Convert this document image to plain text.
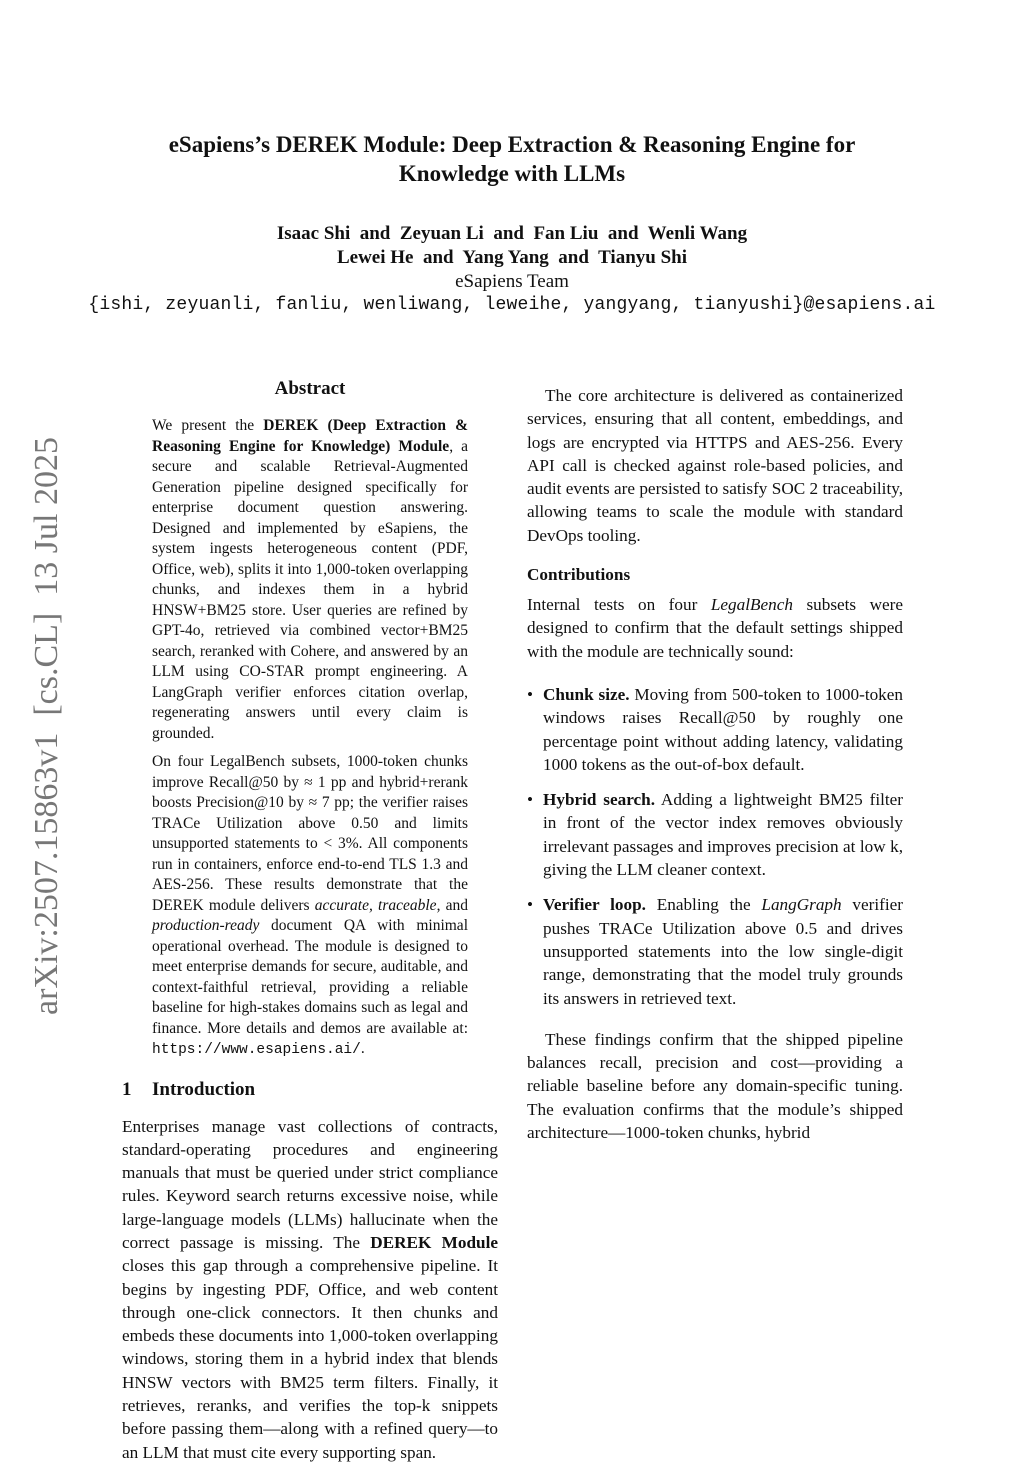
eSapiens’s DEREK Module: Deep Extraction & Reasoning Engine for
Knowledge with LLMs
Isaac Shi  and  Zeyuan Li  and  Fan Liu  and  Wenli Wang
Lewei He  and  Yang Yang  and  Tianyu Shi
eSapiens Team
{ishi, zeyuanli, fanliu, wenliwang, leweihe, yangyang, tianyushi}@esapiens.ai
arXiv:2507.15863v1  [cs.CL]  13 Jul 2025
Abstract

We present the DEREK (Deep Extraction & Reasoning Engine for Knowledge) Module, a secure and scalable Retrieval-Augmented Generation pipeline designed specifically for enterprise document question answering. Designed and implemented by eSapiens, the system ingests heterogeneous content (PDF, Office, web), splits it into 1,000-token overlapping chunks, and indexes them in a hybrid HNSW+BM25 store. User queries are refined by GPT-4o, retrieved via combined vector+BM25 search, reranked with Cohere, and answered by an LLM using CO-STAR prompt engineering. A LangGraph verifier enforces citation overlap, regenerating answers until every claim is grounded.

On four LegalBench subsets, 1000-token chunks improve Recall@50 by ≈ 1 pp and hybrid+rerank boosts Precision@10 by ≈ 7 pp; the verifier raises TRACe Utilization above 0.50 and limits unsupported statements to < 3%. All components run in containers, enforce end-to-end TLS 1.3 and AES-256. These results demonstrate that the DEREK module delivers accurate, traceable, and production-ready document QA with minimal operational overhead. The module is designed to meet enterprise demands for secure, auditable, and context-faithful retrieval, providing a reliable baseline for high-stakes domains such as legal and finance. More details and demos are available at: https://www.esapiens.ai/.

1 Introduction

Enterprises manage vast collections of contracts, standard-operating procedures and engineering manuals that must be queried under strict compliance rules. Keyword search returns excessive noise, while large-language models (LLMs) hallucinate when the correct passage is missing. The DEREK Module closes this gap through a comprehensive pipeline. It begins by ingesting PDF, Office, and web content through one-click connectors. It then chunks and embeds these documents into 1,000-token overlapping windows, storing them in a hybrid index that blends HNSW vectors with BM25 term filters. Finally, it retrieves, reranks, and verifies the top-k snippets before passing them—along with a refined query—to an LLM that must cite every supporting span.

The core architecture is delivered as containerized services, ensuring that all content, embeddings, and logs are encrypted via HTTPS and AES-256. Every API call is checked against role-based policies, and audit events are persisted to satisfy SOC 2 traceability, allowing teams to scale the module with standard DevOps tooling.

Contributions

Internal tests on four LegalBench subsets were designed to confirm that the default settings shipped with the module are technically sound:

• Chunk size. Moving from 500-token to 1000-token windows raises Recall@50 by roughly one percentage point without adding latency, validating 1000 tokens as the out-of-box default.
• Hybrid search. Adding a lightweight BM25 filter in front of the vector index removes obviously irrelevant passages and improves precision at low k, giving the LLM cleaner context.
• Verifier loop. Enabling the LangGraph verifier pushes TRACe Utilization above 0.5 and drives unsupported statements into the low single-digit range, demonstrating that the model truly grounds its answers in retrieved text.

These findings confirm that the shipped pipeline balances recall, precision and cost—providing a reliable baseline before any domain-specific tuning. The evaluation confirms that the module’s shipped architecture—1000-token chunks, hybrid
